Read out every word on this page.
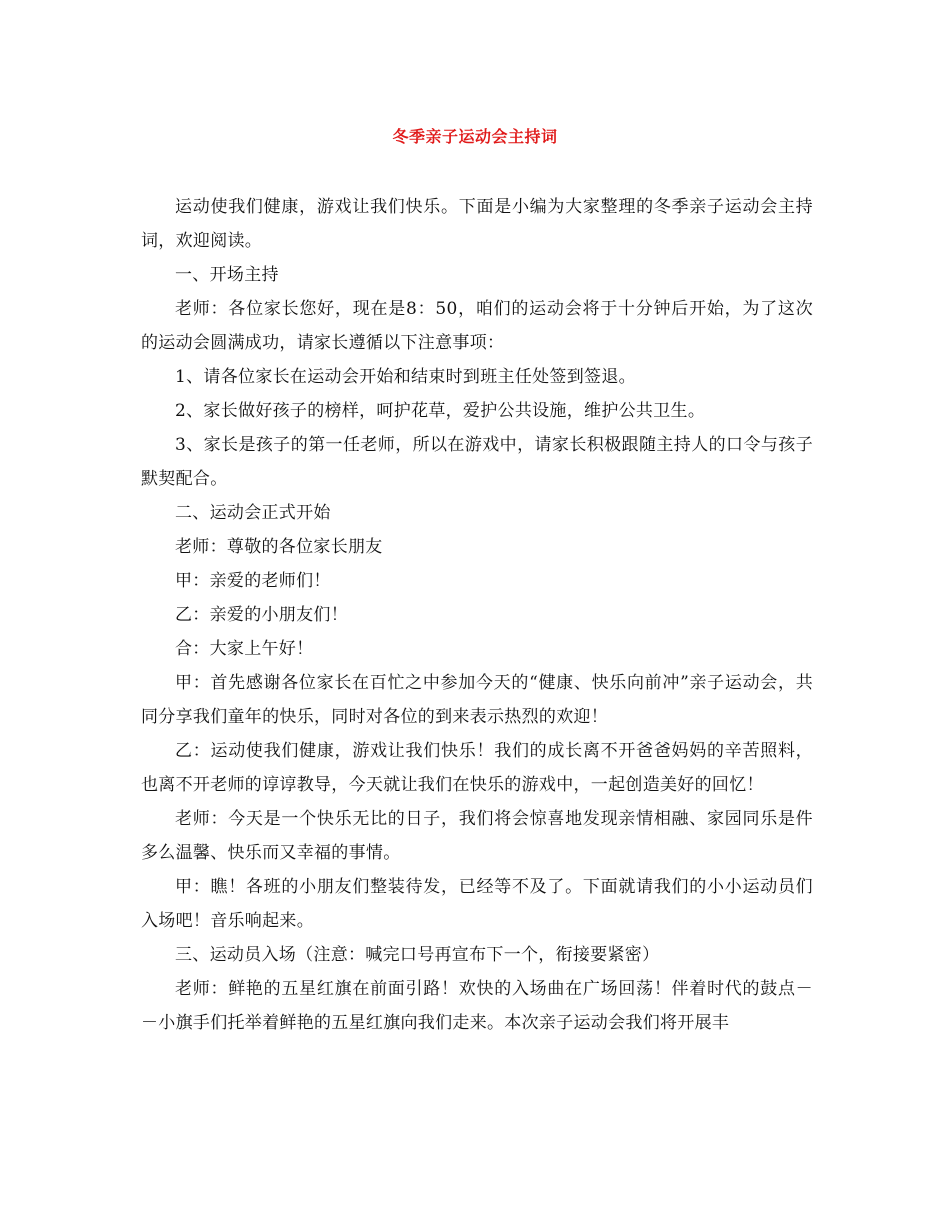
冬季亲子运动会主持词

运动使我们健康，游戏让我们快乐。下面是小编为大家整理的冬季亲子运动会主持词，欢迎阅读。

一、开场主持

老师：各位家长您好，现在是8：50，咱们的运动会将于十分钟后开始，为了这次的运动会圆满成功，请家长遵循以下注意事项：

1、请各位家长在运动会开始和结束时到班主任处签到签退。

2、家长做好孩子的榜样，呵护花草，爱护公共设施，维护公共卫生。

3、家长是孩子的第一任老师，所以在游戏中，请家长积极跟随主持人的口令与孩子默契配合。

二、运动会正式开始

老师：尊敬的各位家长朋友

甲：亲爱的老师们！

乙：亲爱的小朋友们！

合：大家上午好！

甲：首先感谢各位家长在百忙之中参加今天的“健康、快乐向前冲”亲子运动会，共同分享我们童年的快乐，同时对各位的到来表示热烈的欢迎！

乙：运动使我们健康，游戏让我们快乐！我们的成长离不开爸爸妈妈的辛苦照料，也离不开老师的谆谆教导，今天就让我们在快乐的游戏中，一起创造美好的回忆！

老师：今天是一个快乐无比的日子，我们将会惊喜地发现亲情相融、家园同乐是件多么温馨、快乐而又幸福的事情。

甲：瞧！各班的小朋友们整装待发，已经等不及了。下面就请我们的小小运动员们入场吧！音乐响起来。

三、运动员入场（注意：喊完口号再宣布下一个，衔接要紧密）

老师：鲜艳的五星红旗在前面引路！欢快的入场曲在广场回荡！伴着时代的鼓点－－小旗手们托举着鲜艳的五星红旗向我们走来。本次亲子运动会我们将开展丰
